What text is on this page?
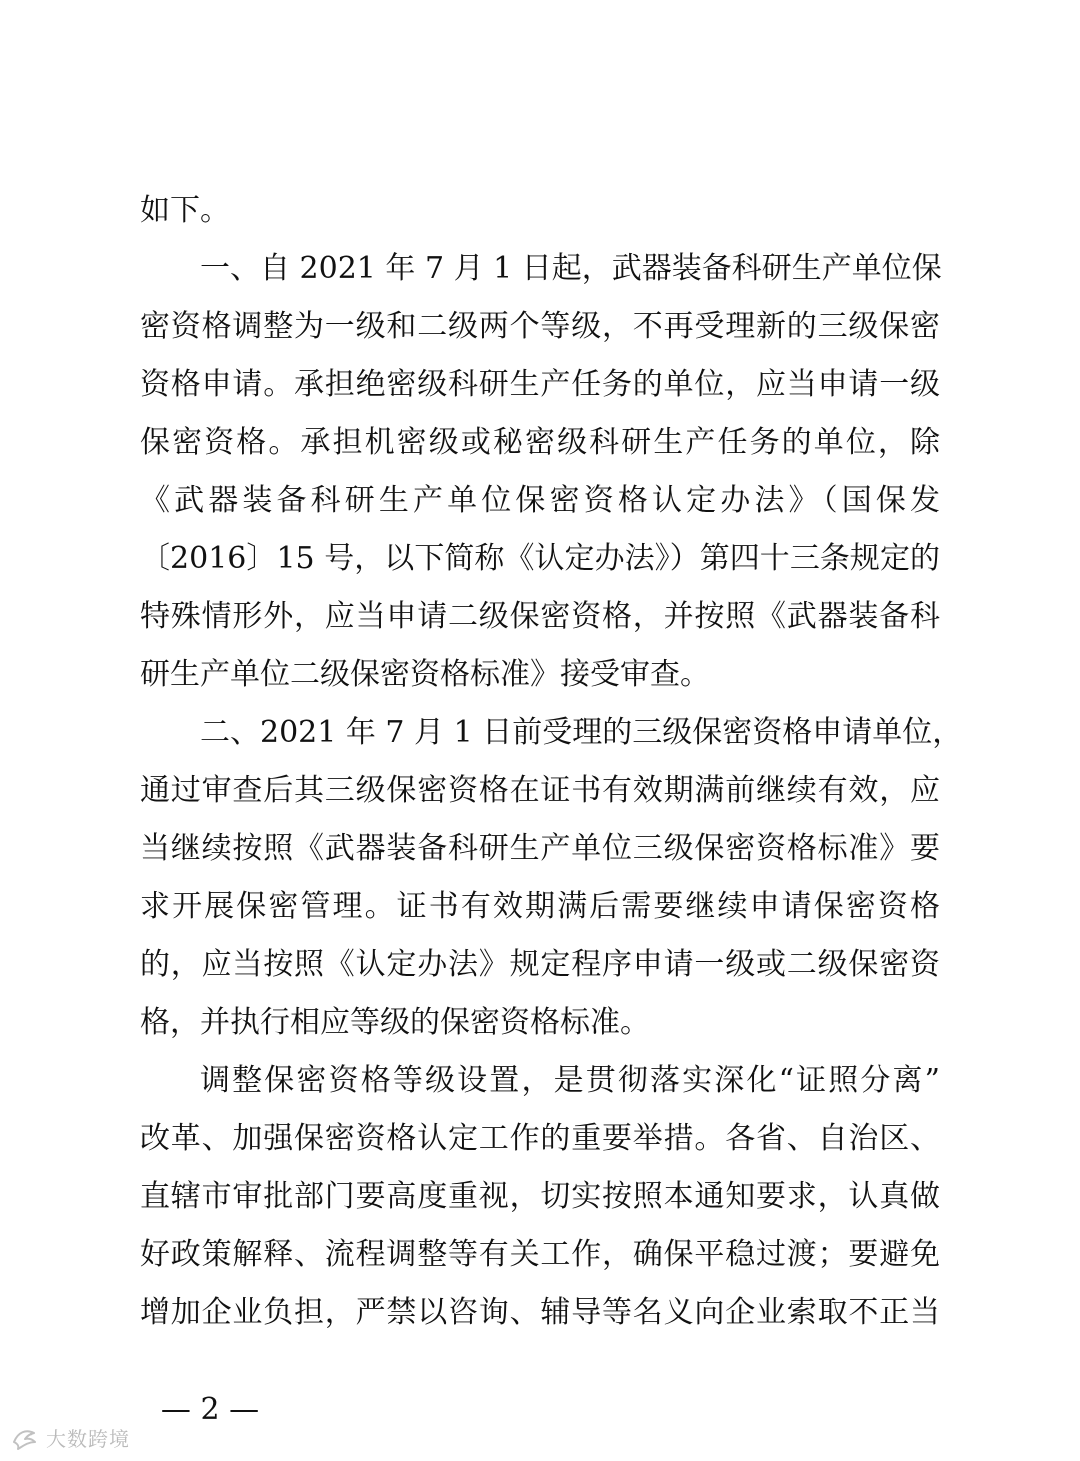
如下。
一、自 2021 年 7 月 1 日起，武器装备科研生产单位保
密资格调整为一级和二级两个等级，不再受理新的三级保密
资格申请。承担绝密级科研生产任务的单位，应当申请一级
保密资格。承担机密级或秘密级科研生产任务的单位，除
《武器装备科研生产单位保密资格认定办法》（国保发
〔2016〕15 号，以下简称《认定办法》）第四十三条规定的
特殊情形外，应当申请二级保密资格，并按照《武器装备科
研生产单位二级保密资格标准》接受审查。
二、2021 年 7 月 1 日前受理的三级保密资格申请单位，
通过审查后其三级保密资格在证书有效期满前继续有效，应
当继续按照《武器装备科研生产单位三级保密资格标准》要
求开展保密管理。证书有效期满后需要继续申请保密资格
的，应当按照《认定办法》规定程序申请一级或二级保密资
格，并执行相应等级的保密资格标准。
调整保密资格等级设置，是贯彻落实深化“证照分离”
改革、加强保密资格认定工作的重要举措。各省、自治区、
直辖市审批部门要高度重视，切实按照本通知要求，认真做
好政策解释、流程调整等有关工作，确保平稳过渡；要避免
增加企业负担，严禁以咨询、辅导等名义向企业索取不正当
— 2 —
大数跨境
